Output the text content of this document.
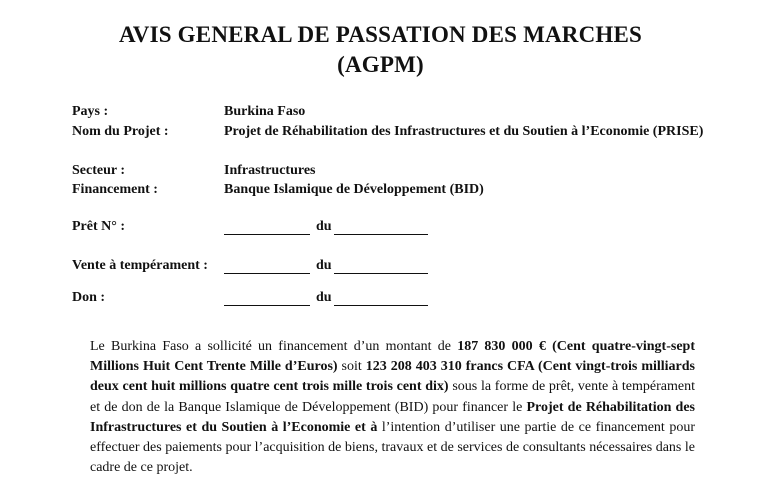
AVIS GENERAL DE PASSATION DES MARCHES
(AGPM)
Pays :	Burkina Faso
Nom du Projet :	Projet de Réhabilitation des Infrastructures et du Soutien à l’Economie (PRISE)
Secteur :	Infrastructures
Financement :	Banque Islamique de Développement (BID)
Prêt N° :	du
Vente à tempérament :	du
Don :	du
Le Burkina Faso a sollicité un financement d’un montant de 187 830 000 € (Cent quatre-vingt-sept Millions Huit Cent Trente Mille d’Euros) soit 123 208 403 310 francs CFA (Cent vingt-trois milliards deux cent huit millions quatre cent trois mille trois cent dix) sous la forme de prêt, vente à tempérament et de don de la Banque Islamique de Développement (BID) pour financer le Projet de Réhabilitation des Infrastructures et du Soutien à l’Economie et à l’intention d’utiliser une partie de ce financement pour effectuer des paiements pour l’acquisition de biens, travaux et de services de consultants nécessaires dans le cadre de ce projet.
